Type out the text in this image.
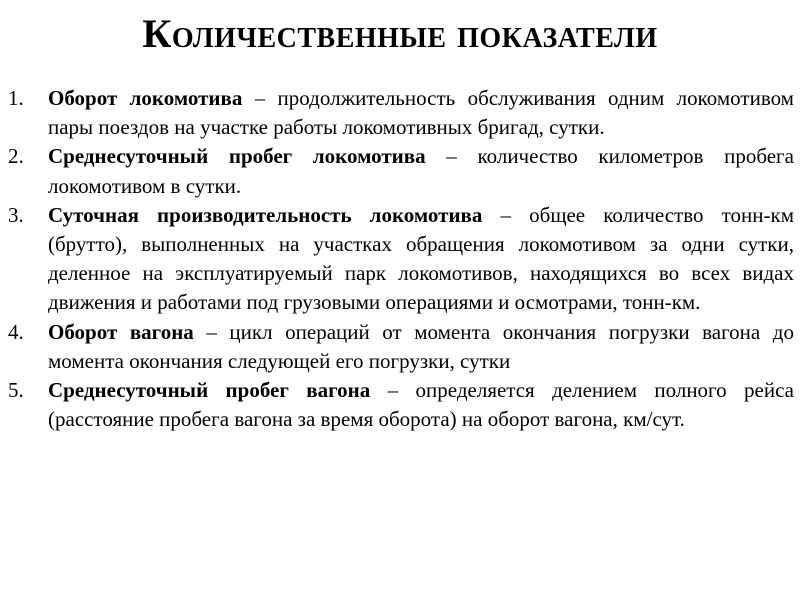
Количественные показатели
1.	Оборот локомотива – продолжительность обслуживания одним локомотивом пары поездов на участке работы локомотивных бригад, сутки.
2.	Среднесуточный пробег локомотива – количество километров пробега локомотивом в сутки.
3.	Суточная производительность локомотива – общее количество тонн-км (брутто), выполненных на участках обращения локомотивом за одни сутки, деленное на эксплуатируемый парк локомотивов, находящихся во всех видах движения и работами под грузовыми операциями и осмотрами, тонн-км.
4.	Оборот вагона – цикл операций от момента окончания погрузки вагона до момента окончания следующей его погрузки, сутки
5.	Среднесуточный пробег вагона – определяется делением полного рейса (расстояние пробега вагона за время оборота) на оборот вагона, км/сут.
